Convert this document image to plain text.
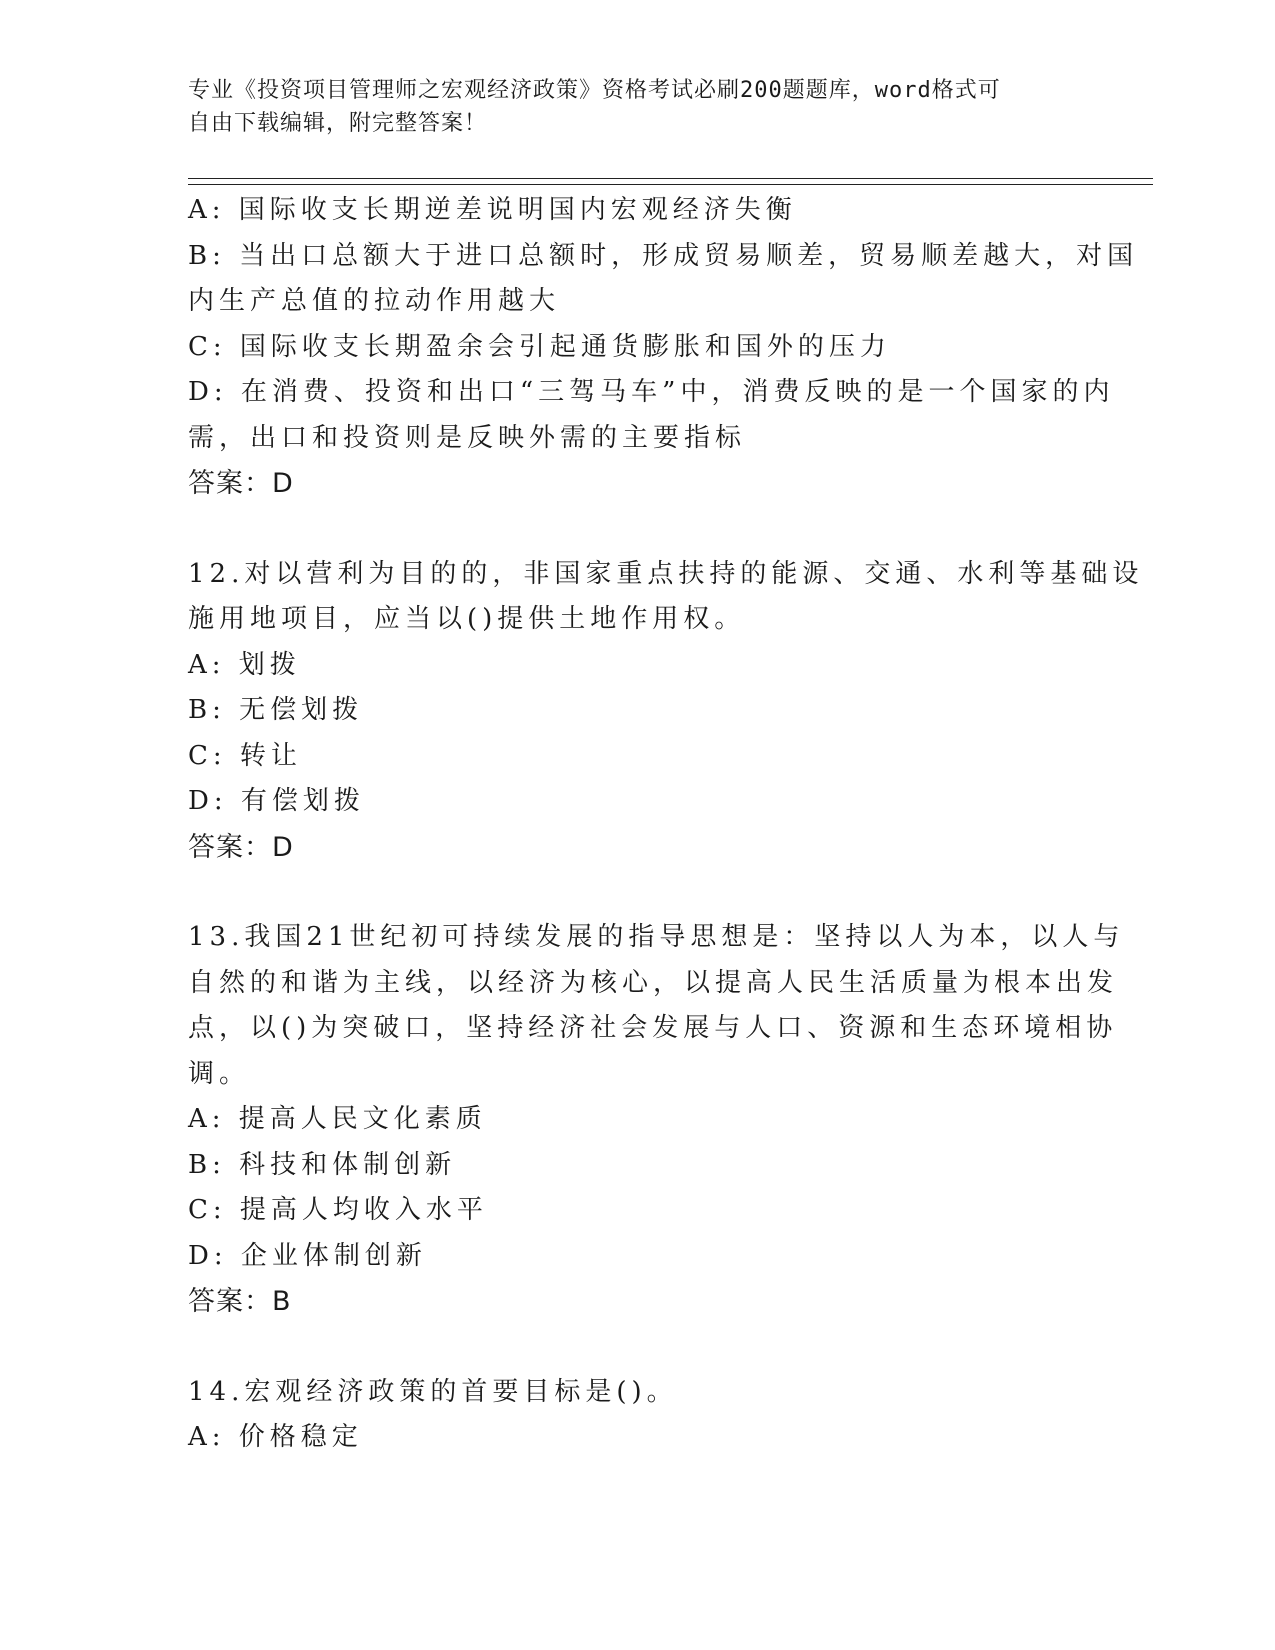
专业《投资项目管理师之宏观经济政策》资格考试必刷200题题库，word格式可
自由下载编辑，附完整答案！
A: 国际收支长期逆差说明国内宏观经济失衡
B: 当出口总额大于进口总额时，形成贸易顺差，贸易顺差越大，对国
内生产总值的拉动作用越大
C: 国际收支长期盈余会引起通货膨胀和国外的压力
D: 在消费、投资和出口“三驾马车”中，消费反映的是一个国家的内
需，出口和投资则是反映外需的主要指标
答案：D
12.对以营利为目的的，非国家重点扶持的能源、交通、水利等基础设
施用地项目，应当以()提供土地作用权。
A: 划拨
B: 无偿划拨
C: 转让
D: 有偿划拨
答案：D
13.我国21世纪初可持续发展的指导思想是：坚持以人为本，以人与
自然的和谐为主线，以经济为核心，以提高人民生活质量为根本出发
点，以()为突破口，坚持经济社会发展与人口、资源和生态环境相协
调。
A: 提高人民文化素质
B: 科技和体制创新
C: 提高人均收入水平
D: 企业体制创新
答案：B
14.宏观经济政策的首要目标是()。
A: 价格稳定
